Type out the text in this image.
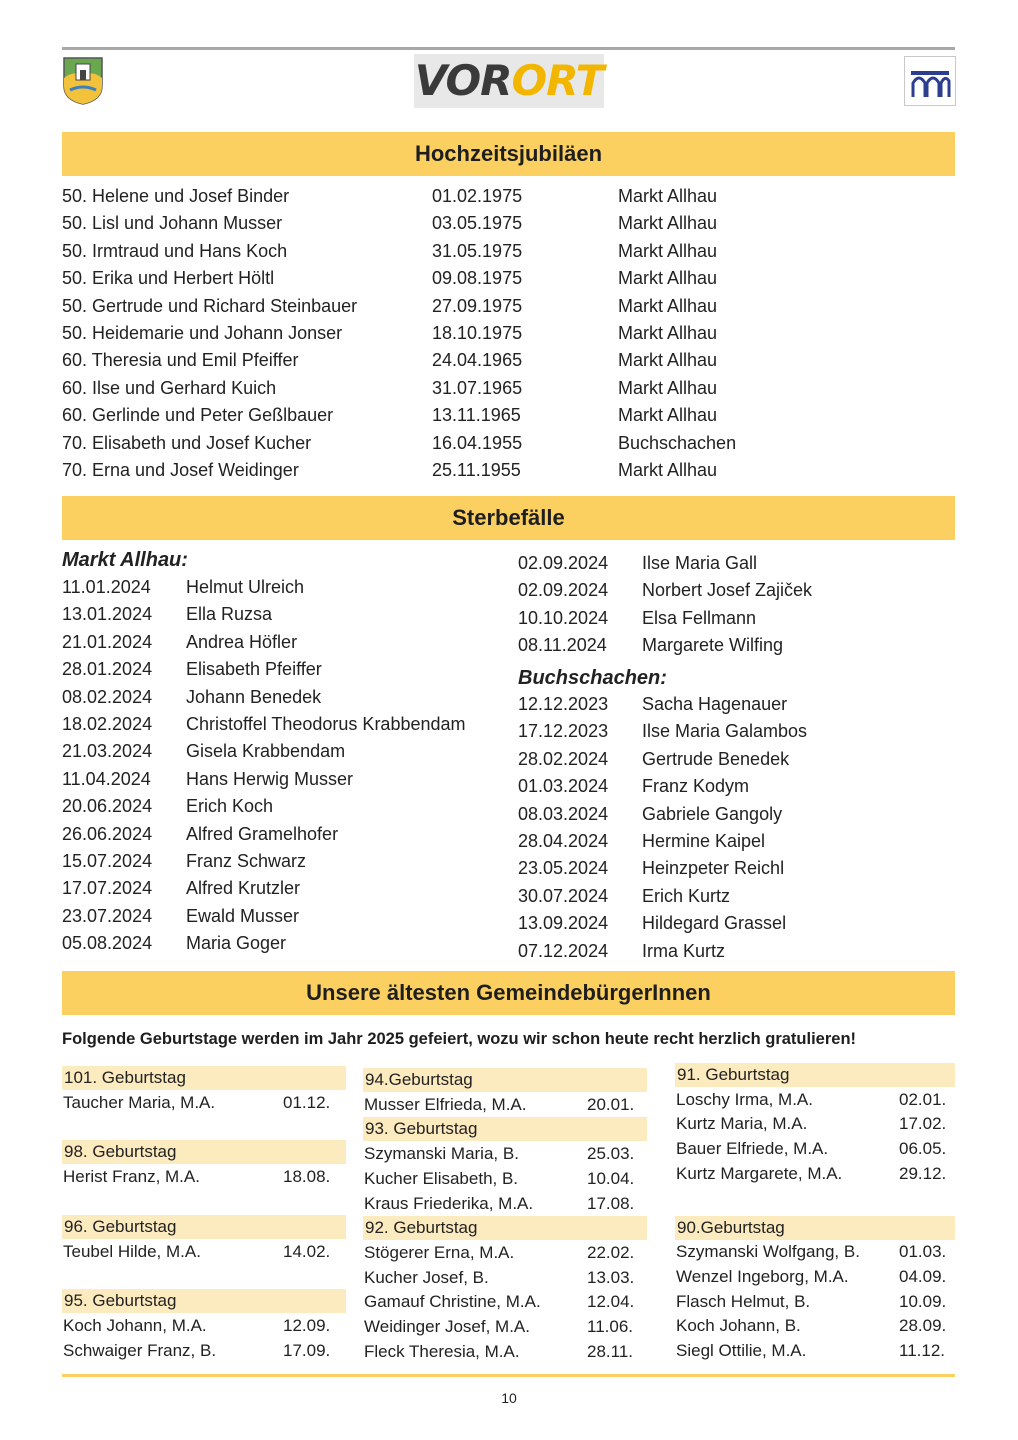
VORORT
Hochzeitsjubiläen
50. Helene und Josef Binder	01.02.1975	Markt Allhau
50. Lisl und Johann Musser	03.05.1975	Markt Allhau
50. Irmtraud und Hans Koch	31.05.1975	Markt Allhau
50. Erika und Herbert Höltl	09.08.1975	Markt Allhau
50. Gertrude und Richard Steinbauer	27.09.1975	Markt Allhau
50. Heidemarie und Johann Jonser	18.10.1975	Markt Allhau
60. Theresia und Emil Pfeiffer	24.04.1965	Markt Allhau
60. Ilse und Gerhard Kuich	31.07.1965	Markt Allhau
60. Gerlinde und Peter Geßlbauer	13.11.1965	Markt Allhau
70. Elisabeth und Josef Kucher	16.04.1955	Buchschachen
70. Erna und Josef Weidinger	25.11.1955	Markt Allhau
Sterbefälle
Markt Allhau:
Buchschachen:
11.01.2024 Helmut Ulreich
13.01.2024 Ella Ruzsa
21.01.2024 Andrea Höfler
28.01.2024 Elisabeth Pfeiffer
08.02.2024 Johann Benedek
18.02.2024 Christoffel Theodorus Krabbendam
21.03.2024 Gisela Krabbendam
11.04.2024 Hans Herwig Musser
20.06.2024 Erich Koch
26.06.2024 Alfred Gramelhofer
15.07.2024 Franz Schwarz
17.07.2024 Alfred Krutzler
23.07.2024 Ewald Musser
05.08.2024 Maria Goger
02.09.2024 Ilse Maria Gall
02.09.2024 Norbert Josef Zajiček
10.10.2024 Elsa Fellmann
08.11.2024 Margarete Wilfing
12.12.2023 Sacha Hagenauer
17.12.2023 Ilse Maria Galambos
28.02.2024 Gertrude Benedek
01.03.2024 Franz Kodym
08.03.2024 Gabriele Gangoly
28.04.2024 Hermine Kaipel
23.05.2024 Heinzpeter Reichl
30.07.2024 Erich Kurtz
13.09.2024 Hildegard Grassel
07.12.2024 Irma Kurtz
Unsere ältesten GemeindebürgerInnen
Folgende Geburtstage werden im Jahr 2025 gefeiert, wozu wir schon heute recht herzlich gratulieren!
101. Geburtstag
Taucher Maria, M.A.	01.12.
98. Geburtstag
Herist Franz, M.A.	18.08.
96. Geburtstag
Teubel Hilde, M.A.	14.02.
95. Geburtstag
Koch Johann, M.A.	12.09.
Schwaiger Franz, B.	17.09.
94.Geburtstag
Musser Elfrieda, M.A.	20.01.
93. Geburtstag
Szymanski Maria, B.	25.03.
Kucher Elisabeth, B.	10.04.
Kraus Friederika, M.A.	17.08.
92. Geburtstag
Stögerer Erna, M.A.	22.02.
Kucher Josef, B.	13.03.
Gamauf Christine, M.A.	12.04.
Weidinger Josef, M.A.	11.06.
Fleck Theresia, M.A.	28.11.
91. Geburtstag
Loschy Irma, M.A.	02.01.
Kurtz Maria, M.A.	17.02.
Bauer Elfriede, M.A.	06.05.
Kurtz Margarete, M.A.	29.12.
90.Geburtstag
Szymanski Wolfgang, B. 01.03.
Wenzel Ingeborg, M.A.	04.09.
Flasch Helmut, B.	10.09.
Koch Johann, B.	28.09.
Siegl Ottilie, M.A.	11.12.
10
